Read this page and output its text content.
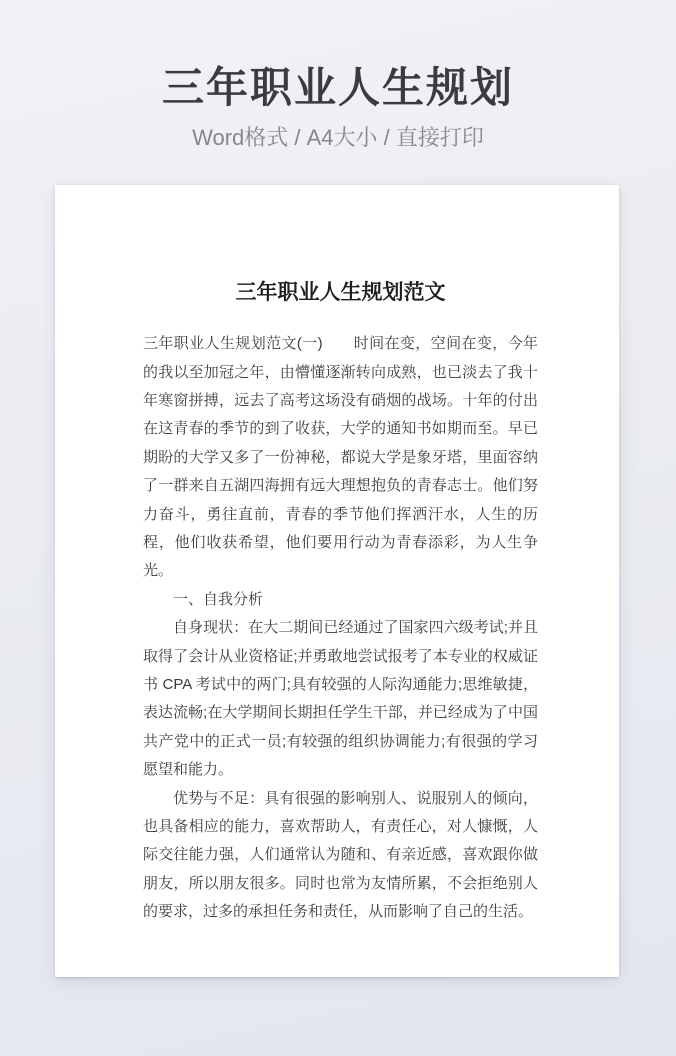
三年职业人生规划
Word格式 / A4大小 / 直接打印
三年职业人生规划范文

三年职业人生规划范文(一)　　时间在变，空间在变，今年的我以至加冠之年，由懵懂逐渐转向成熟，也已淡去了我十年寒窗拼搏，远去了高考这场没有硝烟的战场。十年的付出在这青春的季节的到了收获，大学的通知书如期而至。早已期盼的大学又多了一份神秘，都说大学是象牙塔，里面容纳了一群来自五湖四海拥有远大理想抱负的青春志士。他们努力奋斗，勇往直前，青春的季节他们挥洒汗水，人生的历程，他们收获希望，他们要用行动为青春添彩，为人生争光。

一、自我分析

自身现状：在大二期间已经通过了国家四六级考试;并且取得了会计从业资格证;并勇敢地尝试报考了本专业的权威证书 CPA 考试中的两门;具有较强的人际沟通能力;思维敏捷，表达流畅;在大学期间长期担任学生干部，并已经成为了中国共产党中的正式一员;有较强的组织协调能力;有很强的学习愿望和能力。

优势与不足：具有很强的影响别人、说服别人的倾向，也具备相应的能力，喜欢帮助人，有责任心，对人慷慨，人际交往能力强，人们通常认为随和、有亲近感，喜欢跟你做朋友，所以朋友很多。同时也常为友情所累，不会拒绝别人的要求，过多的承担任务和责任，从而影响了自己的生活。
